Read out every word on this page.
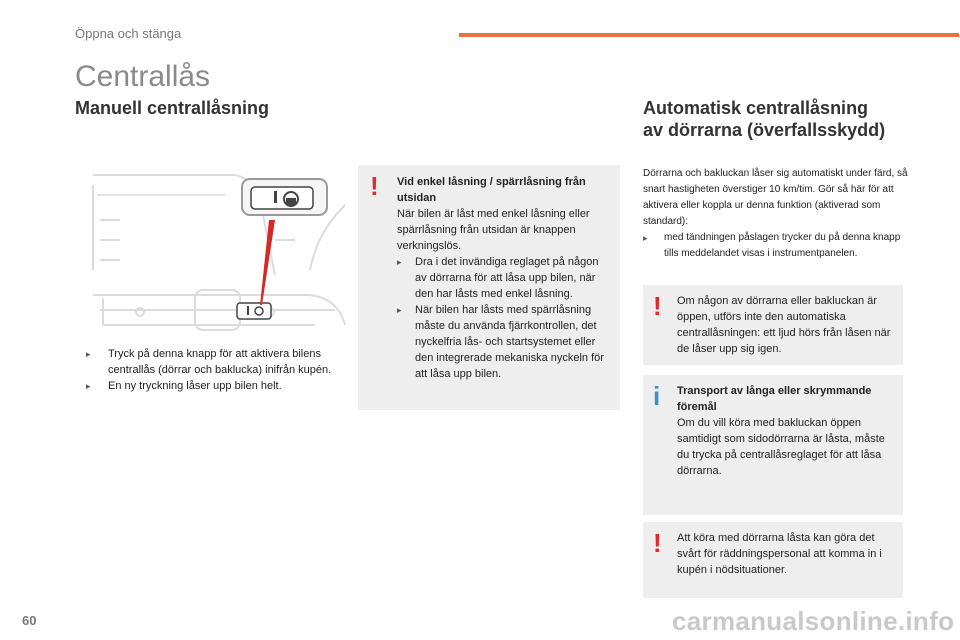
Öppna och stänga
Centrallås
Manuell centrallåsning	Automatisk centrallåsning
av dörrarna (överfallsskydd)
▸ Tryck på denna knapp för att aktivera bilens centrallås (dörrar och baklucka) inifrån kupén.
▸ En ny tryckning låser upp bilen helt.
! Vid enkel låsning / spärrlåsning från utsidan
När bilen är låst med enkel låsning eller spärrlåsning från utsidan är knappen verkningslös.
▸ Dra i det invändiga reglaget på någon av dörrarna för att låsa upp bilen, när den har låsts med enkel låsning.
▸ När bilen har låsts med spärrlåsning måste du använda fjärrkontrollen, det nyckelfria lås- och startsystemet eller den integrerade mekaniska nyckeln för att låsa upp bilen.
Dörrarna och bakluckan låser sig automatiskt under färd, så snart hastigheten överstiger 10 km/tim. Gör så här för att aktivera eller koppla ur denna funktion (aktiverad som standard):
▸ med tändningen påslagen trycker du på denna knapp tills meddelandet visas i instrumentpanelen.
! Om någon av dörrarna eller bakluckan är öppen, utförs inte den automatiska centrallåsningen: ett ljud hörs från låsen när de låser upp sig igen.
i Transport av långa eller skrymmande föremål
Om du vill köra med bakluckan öppen samtidigt som sidodörrarna är låsta, måste du trycka på centrallåsreglaget för att låsa dörrarna.
! Att köra med dörrarna låsta kan göra det svårt för räddningspersonal att komma in i kupén i nödsituationer.
60	carmanualsonline.info
